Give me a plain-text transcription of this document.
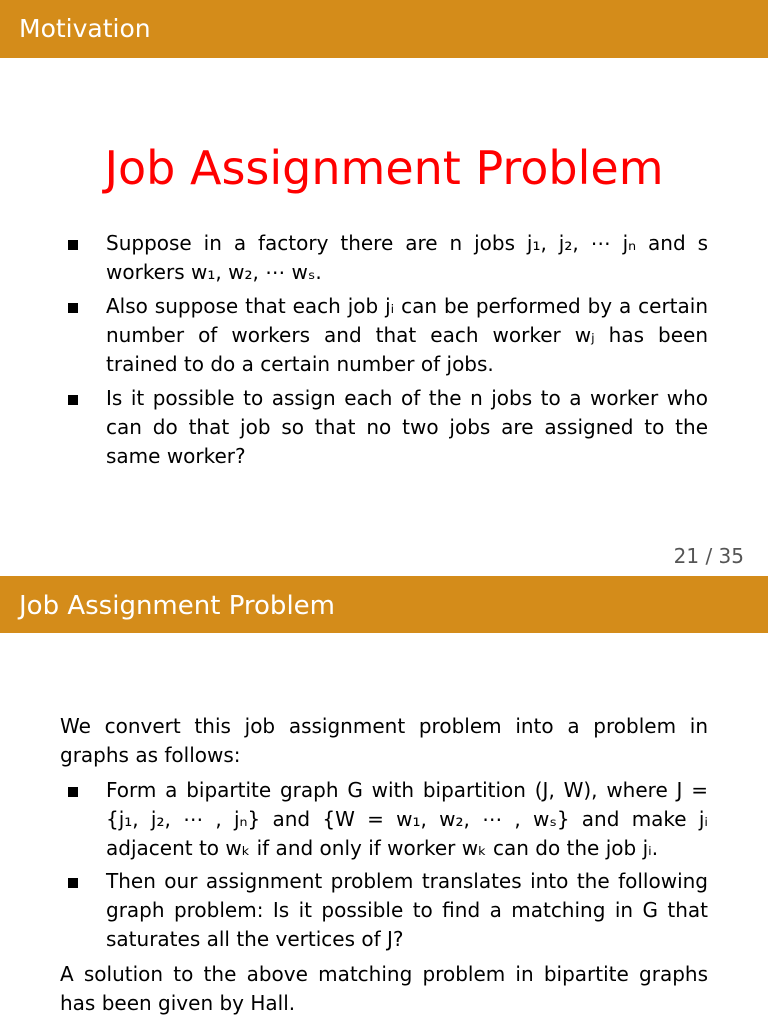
Motivation
Job Assignment Problem
Suppose in a factory there are n jobs j₁, j₂, ⋯ jₙ and s workers w₁, w₂, ⋯ wₛ.
Also suppose that each job jᵢ can be performed by a certain number of workers and that each worker wⱼ has been trained to do a certain number of jobs.
Is it possible to assign each of the n jobs to a worker who can do that job so that no two jobs are assigned to the same worker?
21 / 35
Job Assignment Problem
We convert this job assignment problem into a problem in graphs as follows:
Form a bipartite graph G with bipartition (J, W), where J = {j₁, j₂, ⋯ , jₙ} and {W = w₁, w₂, ⋯ , wₛ} and make jᵢ adjacent to wₖ if and only if worker wₖ can do the job jᵢ.
Then our assignment problem translates into the following graph problem: Is it possible to find a matching in G that saturates all the vertices of J?
A solution to the above matching problem in bipartite graphs has been given by Hall.
